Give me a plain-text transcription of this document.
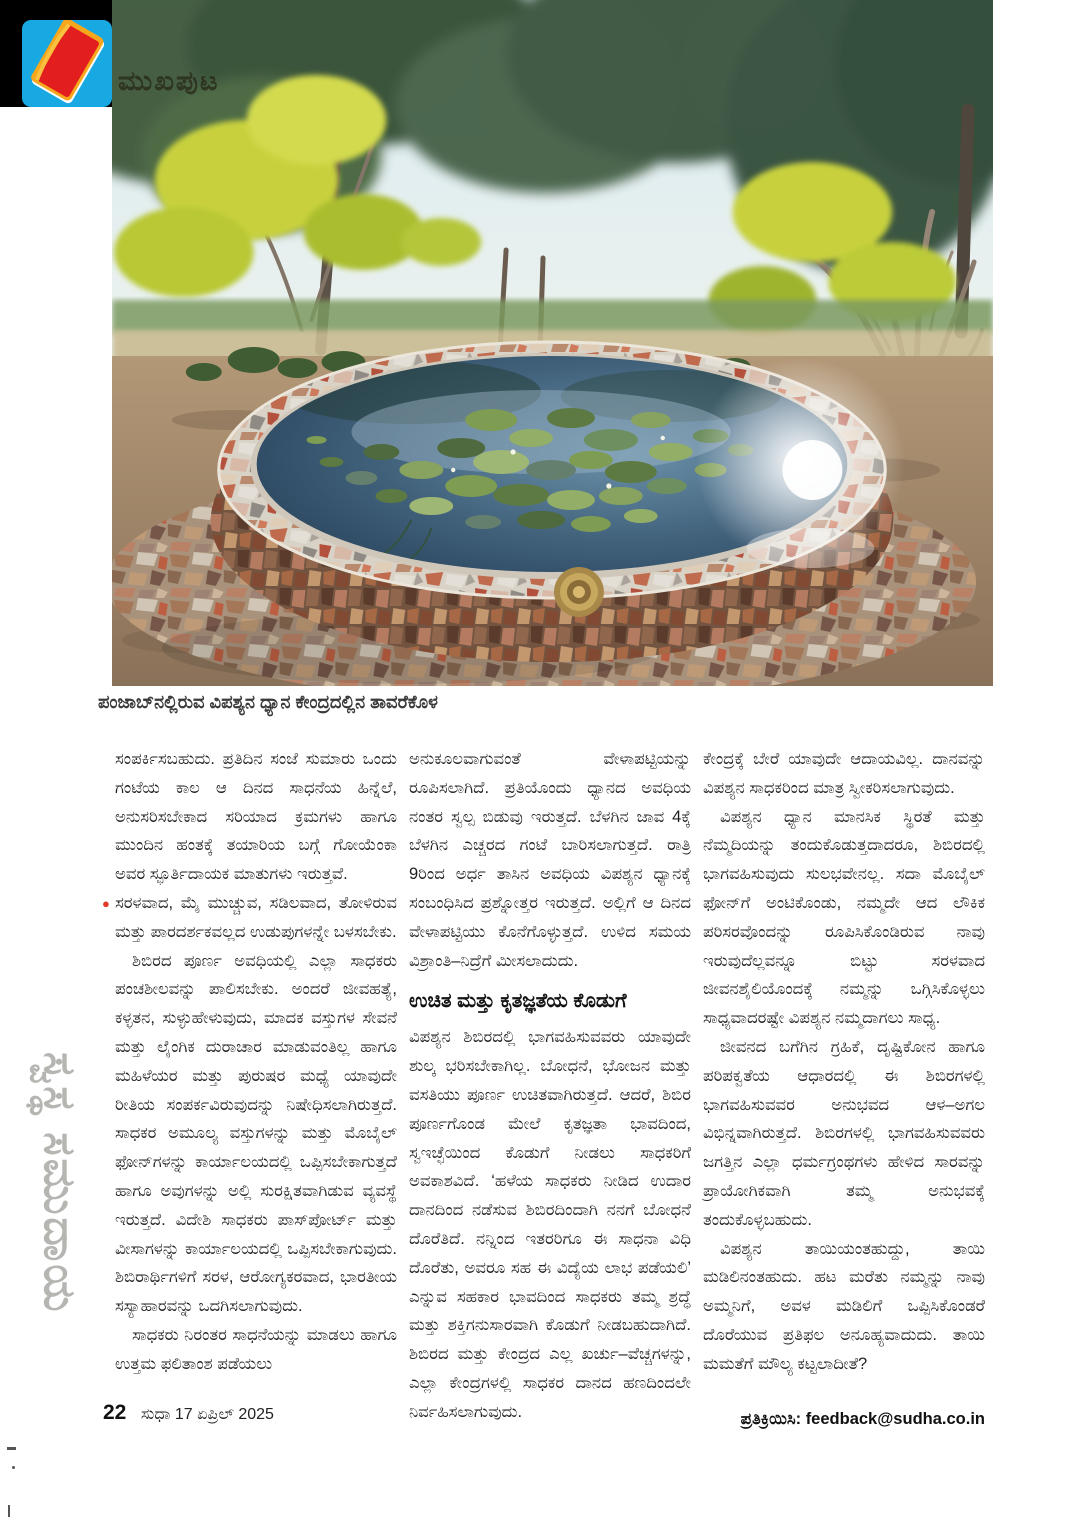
ಮುಖಪುಟ
ಪಂಜಾಬ್‌ನಲ್ಲಿರುವ ವಿಪಶ್ಯನ ಧ್ಯಾನ ಕೇಂದ್ರದಲ್ಲಿನ ತಾವರೆಕೊಳ
ಸ್ವಸ್ಥ ಸಮುದಾಯ

ಸಂಪರ್ಕಿಸಬಹುದು. ಪ್ರತಿದಿನ ಸಂಜೆ ಸುಮಾರು ಒಂದು ಗಂಟೆಯ ಕಾಲ ಆ ದಿನದ ಸಾಧನೆಯ ಹಿನ್ನೆಲೆ, ಅನುಸರಿಸಬೇಕಾದ ಸರಿಯಾದ ಕ್ರಮಗಳು ಹಾಗೂ ಮುಂದಿನ ಹಂತಕ್ಕೆ ತಯಾರಿಯ ಬಗ್ಗೆ ಗೋಯೆಂಕಾ ಅವರ ಸ್ಫೂರ್ತಿದಾಯಕ ಮಾತುಗಳು ಇರುತ್ತವೆ.

● ಸರಳವಾದ, ಮೈ ಮುಚ್ಚುವ, ಸಡಿಲವಾದ, ತೋಳಿರುವ ಮತ್ತು ಪಾರದರ್ಶಕವಲ್ಲದ ಉಡುಪುಗಳನ್ನೇ ಬಳಸಬೇಕು.

ಶಿಬಿರದ ಪೂರ್ಣ ಅವಧಿಯಲ್ಲಿ ಎಲ್ಲಾ ಸಾಧಕರು ಪಂಚಶೀಲವನ್ನು ಪಾಲಿಸಬೇಕು. ಅಂದರೆ ಜೀವಹತ್ಯೆ, ಕಳ್ಳತನ, ಸುಳ್ಳುಹೇಳುವುದು, ಮಾದಕ ವಸ್ತುಗಳ ಸೇವನೆ ಮತ್ತು ಲೈಂಗಿಕ ದುರಾಚಾರ ಮಾಡುವಂತಿಲ್ಲ ಹಾಗೂ ಮಹಿಳೆಯರ ಮತ್ತು ಪುರುಷರ ಮಧ್ಯೆ ಯಾವುದೇ ರೀತಿಯ ಸಂಪರ್ಕವಿರುವುದನ್ನು ನಿಷೇಧಿಸಲಾಗಿರುತ್ತದೆ. ಸಾಧಕರ ಅಮೂಲ್ಯ ವಸ್ತುಗಳನ್ನು ಮತ್ತು ಮೊಬೈಲ್ ಫೋನ್‌ಗಳನ್ನು ಕಾರ್ಯಾಲಯದಲ್ಲಿ ಒಪ್ಪಿಸಬೇಕಾಗುತ್ತದೆ ಹಾಗೂ ಅವುಗಳನ್ನು ಅಲ್ಲಿ ಸುರಕ್ಷಿತವಾಗಿಡುವ ವ್ಯವಸ್ಥೆ ಇರುತ್ತದೆ. ವಿದೇಶಿ ಸಾಧಕರು ಪಾಸ್‌ಪೋರ್ಟ್ ಮತ್ತು ವೀಸಾಗಳನ್ನು ಕಾರ್ಯಾಲಯದಲ್ಲಿ ಒಪ್ಪಿಸಬೇಕಾಗುವುದು. ಶಿಬಿರಾರ್ಥಿಗಳಿಗೆ ಸರಳ, ಆರೋಗ್ಯಕರವಾದ, ಭಾರತೀಯ ಸಸ್ಯಾಹಾರವನ್ನು ಒದಗಿಸಲಾಗುವುದು.

ಸಾಧಕರು ನಿರಂತರ ಸಾಧನೆಯನ್ನು ಮಾಡಲು ಹಾಗೂ ಉತ್ತಮ ಫಲಿತಾಂಶ ಪಡೆಯಲು

ಅನುಕೂಲವಾಗುವಂತೆ ವೇಳಾಪಟ್ಟಿಯನ್ನು ರೂಪಿಸಲಾಗಿದೆ. ಪ್ರತಿಯೊಂದು ಧ್ಯಾನದ ಅವಧಿಯ ನಂತರ ಸ್ವಲ್ಪ ಬಿಡುವು ಇರುತ್ತದೆ. ಬೆಳಗಿನ ಜಾವ 4ಕ್ಕೆ ಬೆಳಗಿನ ಎಚ್ಚರದ ಗಂಟೆ ಬಾರಿಸಲಾಗುತ್ತದೆ. ರಾತ್ರಿ 9ರಿಂದ ಅರ್ಧ ತಾಸಿನ ಅವಧಿಯ ವಿಪಶ್ಯನ ಧ್ಯಾನಕ್ಕೆ ಸಂಬಂಧಿಸಿದ ಪ್ರಶ್ನೋತ್ತರ ಇರುತ್ತದೆ. ಅಲ್ಲಿಗೆ ಆ ದಿನದ ವೇಳಾಪಟ್ಟಿಯು ಕೊನೆಗೊಳ್ಳುತ್ತದೆ. ಉಳಿದ ಸಮಯ ವಿಶ್ರಾಂತಿ–ನಿದ್ರೆಗೆ ಮೀಸಲಾದುದು.

ಉಚಿತ ಮತ್ತು ಕೃತಜ್ಞತೆಯ ಕೊಡುಗೆ

ವಿಪಶ್ಯನ ಶಿಬಿರದಲ್ಲಿ ಭಾಗವಹಿಸುವವರು ಯಾವುದೇ ಶುಲ್ಕ ಭರಿಸಬೇಕಾಗಿಲ್ಲ. ಬೋಧನೆ, ಭೋಜನ ಮತ್ತು ವಸತಿಯು ಪೂರ್ಣ ಉಚಿತವಾಗಿರುತ್ತದೆ. ಆದರೆ, ಶಿಬಿರ ಪೂರ್ಣಗೊಂಡ ಮೇಲೆ ಕೃತಜ್ಞತಾ ಭಾವದಿಂದ, ಸ್ವಇಚ್ಛೆಯಿಂದ ಕೊಡುಗೆ ನೀಡಲು ಸಾಧಕರಿಗೆ ಅವಕಾಶವಿದೆ. ‘ಹಳೆಯ ಸಾಧಕರು ನೀಡಿದ ಉದಾರ ದಾನದಿಂದ ನಡೆಸುವ ಶಿಬಿರದಿಂದಾಗಿ ನನಗೆ ಬೋಧನೆ ದೊರೆತಿದೆ. ನನ್ನಿಂದ ಇತರರಿಗೂ ಈ ಸಾಧನಾ ವಿಧಿ ದೊರೆತು, ಅವರೂ ಸಹ ಈ ವಿದ್ಯೆಯ ಲಾಭ ಪಡೆಯಲಿ’ ಎನ್ನುವ ಸಹಕಾರ ಭಾವದಿಂದ ಸಾಧಕರು ತಮ್ಮ ಶ್ರದ್ಧೆ ಮತ್ತು ಶಕ್ತಿಗನುಸಾರವಾಗಿ ಕೊಡುಗೆ ನೀಡಬಹುದಾಗಿದೆ. ಶಿಬಿರದ ಮತ್ತು ಕೇಂದ್ರದ ಎಲ್ಲ ಖರ್ಚು–ವೆಚ್ಚಗಳನ್ನು, ಎಲ್ಲಾ ಕೇಂದ್ರಗಳಲ್ಲಿ ಸಾಧಕರ ದಾನದ ಹಣದಿಂದಲೇ ನಿರ್ವಹಿಸಲಾಗುವುದು.

ಕೇಂದ್ರಕ್ಕೆ ಬೇರೆ ಯಾವುದೇ ಆದಾಯವಿಲ್ಲ. ದಾನವನ್ನು ವಿಪಶ್ಯನ ಸಾಧಕರಿಂದ ಮಾತ್ರ ಸ್ವೀಕರಿಸಲಾಗುವುದು.

ವಿಪಶ್ಯನ ಧ್ಯಾನ ಮಾನಸಿಕ ಸ್ಥಿರತೆ ಮತ್ತು ನೆಮ್ಮದಿಯನ್ನು ತಂದುಕೊಡುತ್ತದಾದರೂ, ಶಿಬಿರದಲ್ಲಿ ಭಾಗವಹಿಸುವುದು ಸುಲಭವೇನಲ್ಲ. ಸದಾ ಮೊಬೈಲ್ ಫೋನ್‌ಗೆ ಅಂಟಿಕೊಂಡು, ನಮ್ಮದೇ ಆದ ಲೌಕಿಕ ಪರಿಸರವೊಂದನ್ನು ರೂಪಿಸಿಕೊಂಡಿರುವ ನಾವು ಇರುವುದೆಲ್ಲವನ್ನೂ ಬಿಟ್ಟು ಸರಳವಾದ ಜೀವನಶೈಲಿಯೊಂದಕ್ಕೆ ನಮ್ಮನ್ನು ಒಗ್ಗಿಸಿಕೊಳ್ಳಲು ಸಾಧ್ಯವಾದರಷ್ಟೇ ವಿಪಶ್ಯನ ನಮ್ಮದಾಗಲು ಸಾಧ್ಯ.

ಜೀವನದ ಬಗೆಗಿನ ಗ್ರಹಿಕೆ, ದೃಷ್ಟಿಕೋನ ಹಾಗೂ ಪರಿಪಕ್ವತೆಯ ಆಧಾರದಲ್ಲಿ ಈ ಶಿಬಿರಗಳಲ್ಲಿ ಭಾಗವಹಿಸುವವರ ಅನುಭವದ ಆಳ–ಅಗಲ ವಿಭಿನ್ನವಾಗಿರುತ್ತದೆ. ಶಿಬಿರಗಳಲ್ಲಿ ಭಾಗವಹಿಸುವವರು ಜಗತ್ತಿನ ಎಲ್ಲಾ ಧರ್ಮಗ್ರಂಥಗಳು ಹೇಳಿದ ಸಾರವನ್ನು ಪ್ರಾಯೋಗಿಕವಾಗಿ ತಮ್ಮ ಅನುಭವಕ್ಕೆ ತಂದುಕೊಳ್ಳಬಹುದು.

ವಿಪಶ್ಯನ ತಾಯಿಯಂತಹುದ್ದು, ತಾಯಿ ಮಡಿಲಿನಂತಹುದು. ಹಟ ಮರೆತು ನಮ್ಮನ್ನು ನಾವು ಅಮ್ಮನಿಗೆ, ಅವಳ ಮಡಿಲಿಗೆ ಒಪ್ಪಿಸಿಕೊಂಡರೆ ದೊರೆಯುವ ಪ್ರತಿಫಲ ಅನೂಹ್ಯವಾದುದು. ತಾಯಿ ಮಮತೆಗೆ ಮೌಲ್ಯ ಕಟ್ಟಲಾದೀತೆ?

ಪ್ರತಿಕ್ರಿಯಿಸಿ: feedback@sudha.co.in
22 ಸುಧಾ 17 ಏಪ್ರಿಲ್ 2025
